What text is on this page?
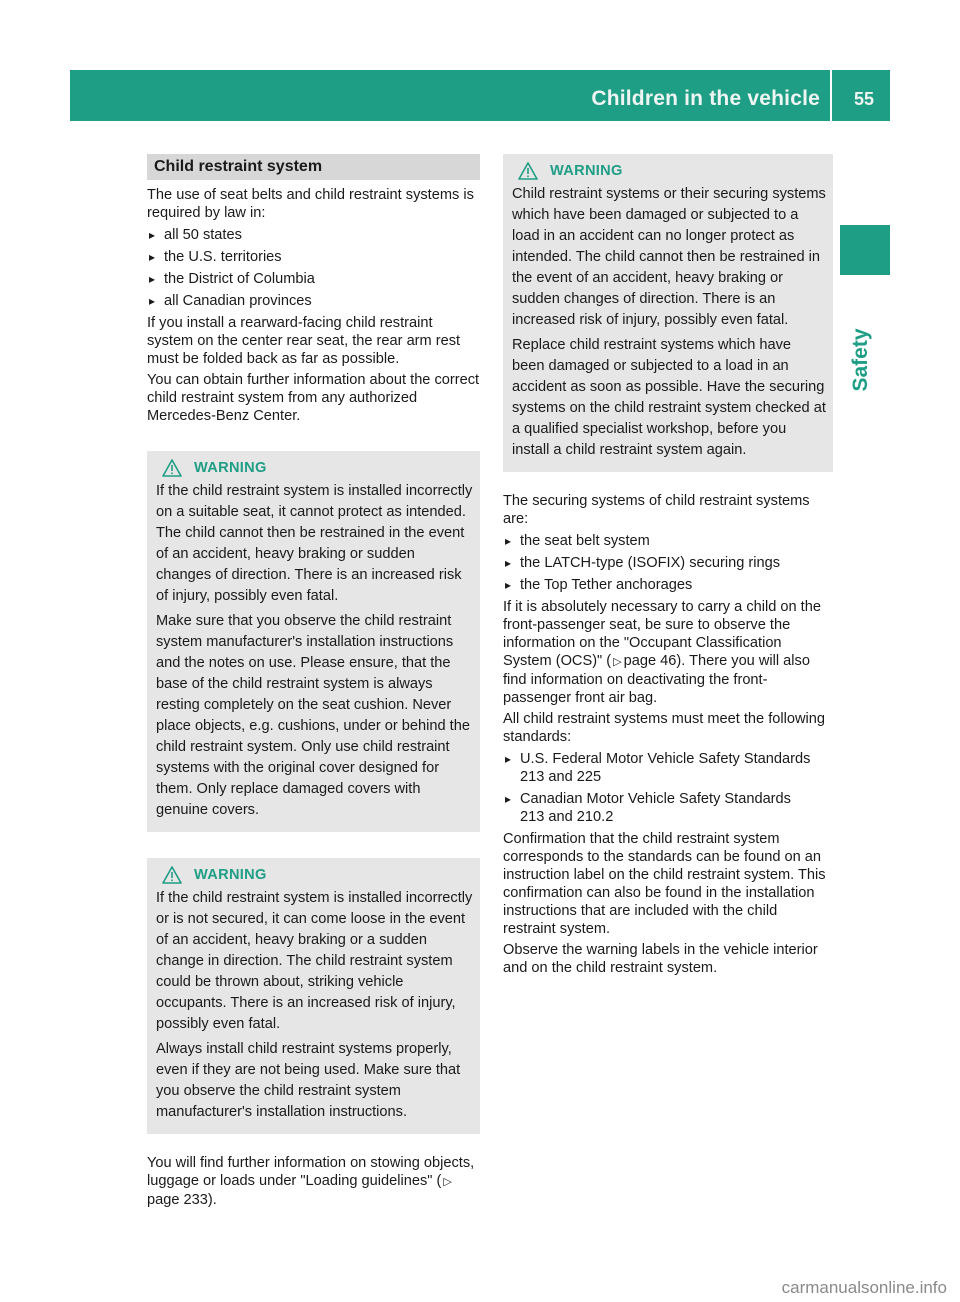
Children in the vehicle 55
Safety
Child restraint system

The use of seat belts and child restraint systems is required by law in:

▸ all 50 states
▸ the U.S. territories
▸ the District of Columbia
▸ all Canadian provinces

If you install a rearward-facing child restraint system on the center rear seat, the rear arm rest must be folded back as far as possible.

You can obtain further information about the correct child restraint system from any authorized Mercedes-Benz Center.

WARNING

If the child restraint system is installed incorrectly on a suitable seat, it cannot protect as intended. The child cannot then be restrained in the event of an accident, heavy braking or sudden changes of direction. There is an increased risk of injury, possibly even fatal.

Make sure that you observe the child restraint system manufacturer's installation instructions and the notes on use. Please ensure, that the base of the child restraint system is always resting completely on the seat cushion. Never place objects, e.g. cushions, under or behind the child restraint system. Only use child restraint systems with the original cover designed for them. Only replace damaged covers with genuine covers.

WARNING

If the child restraint system is installed incorrectly or is not secured, it can come loose in the event of an accident, heavy braking or a sudden change in direction. The child restraint system could be thrown about, striking vehicle occupants. There is an increased risk of injury, possibly even fatal.

Always install child restraint systems properly, even if they are not being used. Make sure that you observe the child restraint system manufacturer's installation instructions.

You will find further information on stowing objects, luggage or loads under "Loading guidelines" ( ▷page 233).

WARNING

Child restraint systems or their securing systems which have been damaged or subjected to a load in an accident can no longer protect as intended. The child cannot then be restrained in the event of an accident, heavy braking or sudden changes of direction. There is an increased risk of injury, possibly even fatal.

Replace child restraint systems which have been damaged or subjected to a load in an accident as soon as possible. Have the securing systems on the child restraint system checked at a qualified specialist workshop, before you install a child restraint system again.

The securing systems of child restraint systems are:

▸ the seat belt system
▸ the LATCH-type (ISOFIX) securing rings
▸ the Top Tether anchorages

If it is absolutely necessary to carry a child on the front-passenger seat, be sure to observe the information on the "Occupant Classification System (OCS)" ( ▷ page 46). There you will also find information on deactivating the front-passenger front air bag.

All child restraint systems must meet the following standards:

▸ U.S. Federal Motor Vehicle Safety Standards
213 and 225
▸ Canadian Motor Vehicle Safety Standards
213 and 210.2

Confirmation that the child restraint system corresponds to the standards can be found on an instruction label on the child restraint system. This confirmation can also be found in the installation instructions that are included with the child restraint system.

Observe the warning labels in the vehicle interior and on the child restraint system.

carmanualsonline.info
